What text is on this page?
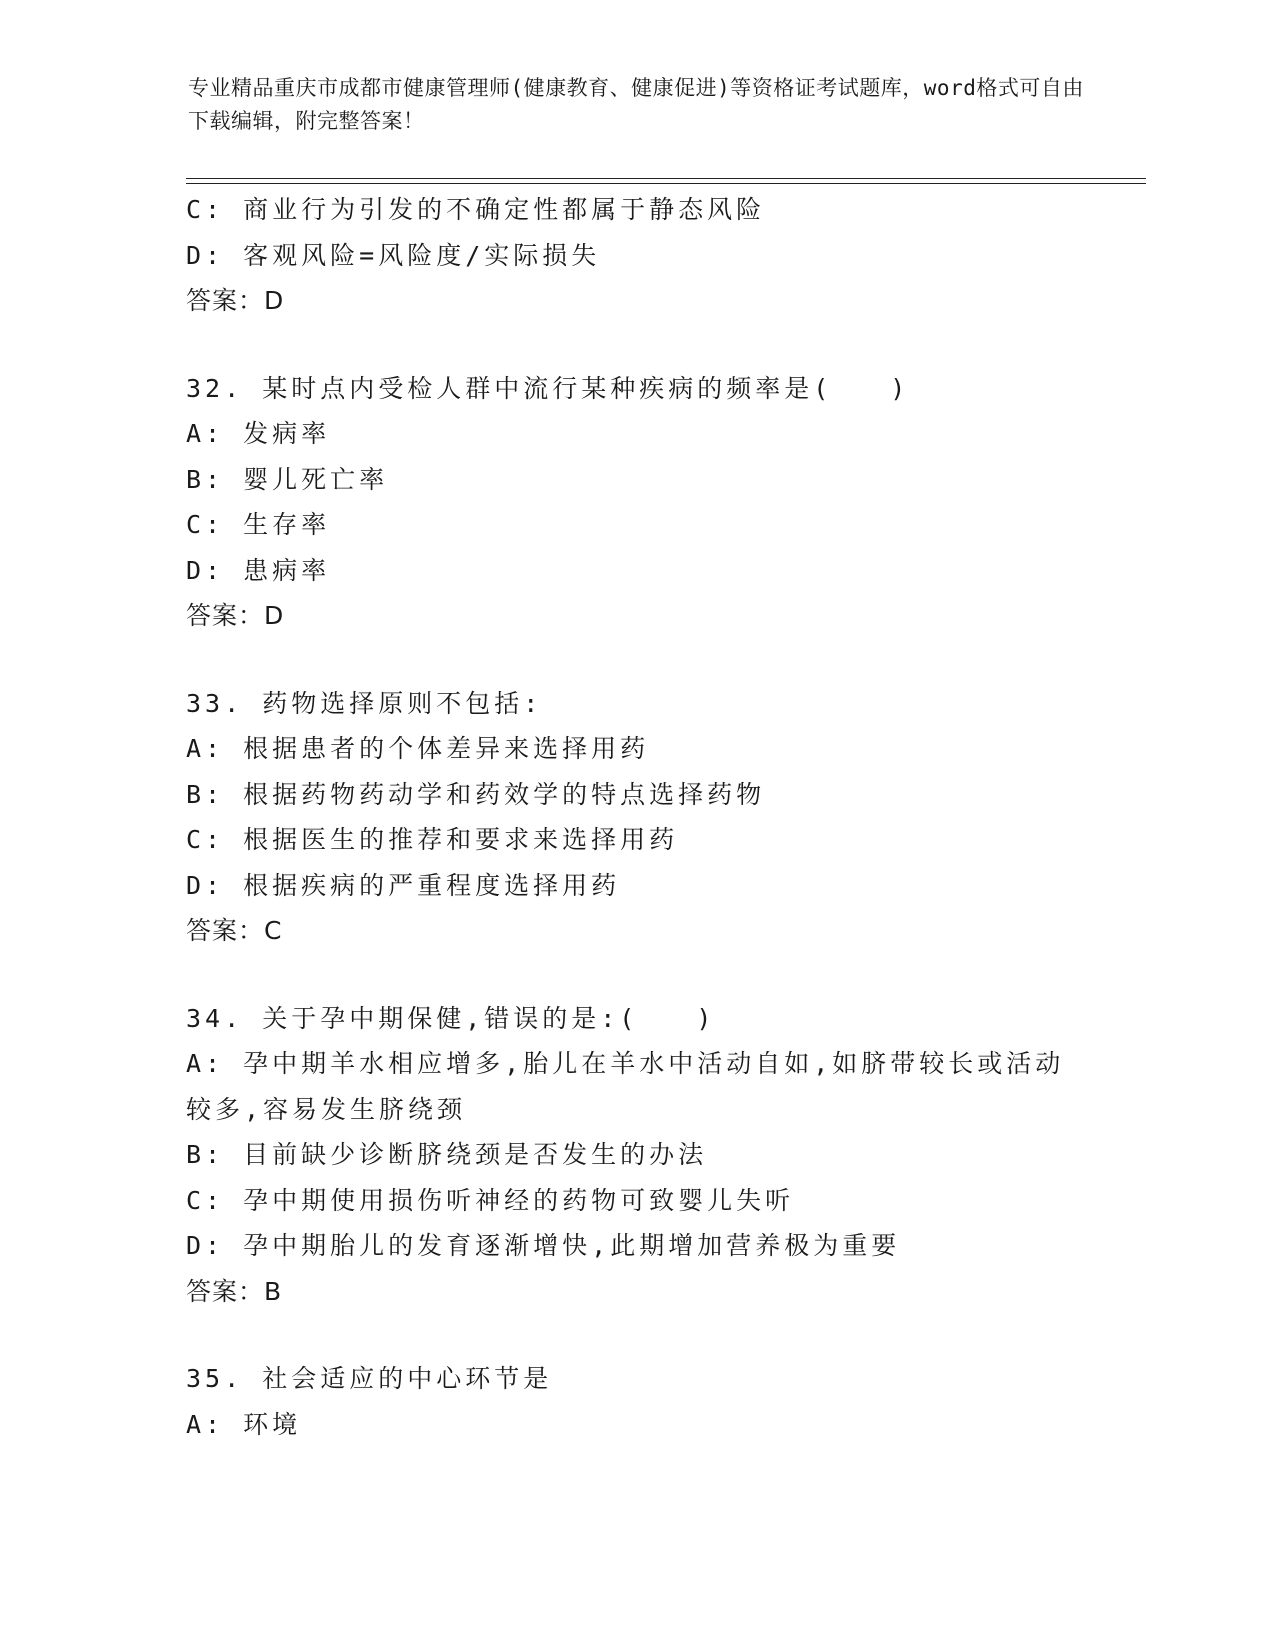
专业精品重庆市成都市健康管理师(健康教育、健康促进)等资格证考试题库，word格式可自由下载编辑，附完整答案！
C: 商业行为引发的不确定性都属于静态风险
D: 客观风险=风险度/实际损失
答案：D
32. 某时点内受检人群中流行某种疾病的频率是(　　)
A: 发病率
B: 婴儿死亡率
C: 生存率
D: 患病率
答案：D
33. 药物选择原则不包括:
A: 根据患者的个体差异来选择用药
B: 根据药物药动学和药效学的特点选择药物
C: 根据医生的推荐和要求来选择用药
D: 根据疾病的严重程度选择用药
答案：C
34. 关于孕中期保健,错误的是:(　　)
A: 孕中期羊水相应增多,胎儿在羊水中活动自如,如脐带较长或活动较多,容易发生脐绕颈
B: 目前缺少诊断脐绕颈是否发生的办法
C: 孕中期使用损伤听神经的药物可致婴儿失听
D: 孕中期胎儿的发育逐渐增快,此期增加营养极为重要
答案：B
35. 社会适应的中心环节是
A: 环境
